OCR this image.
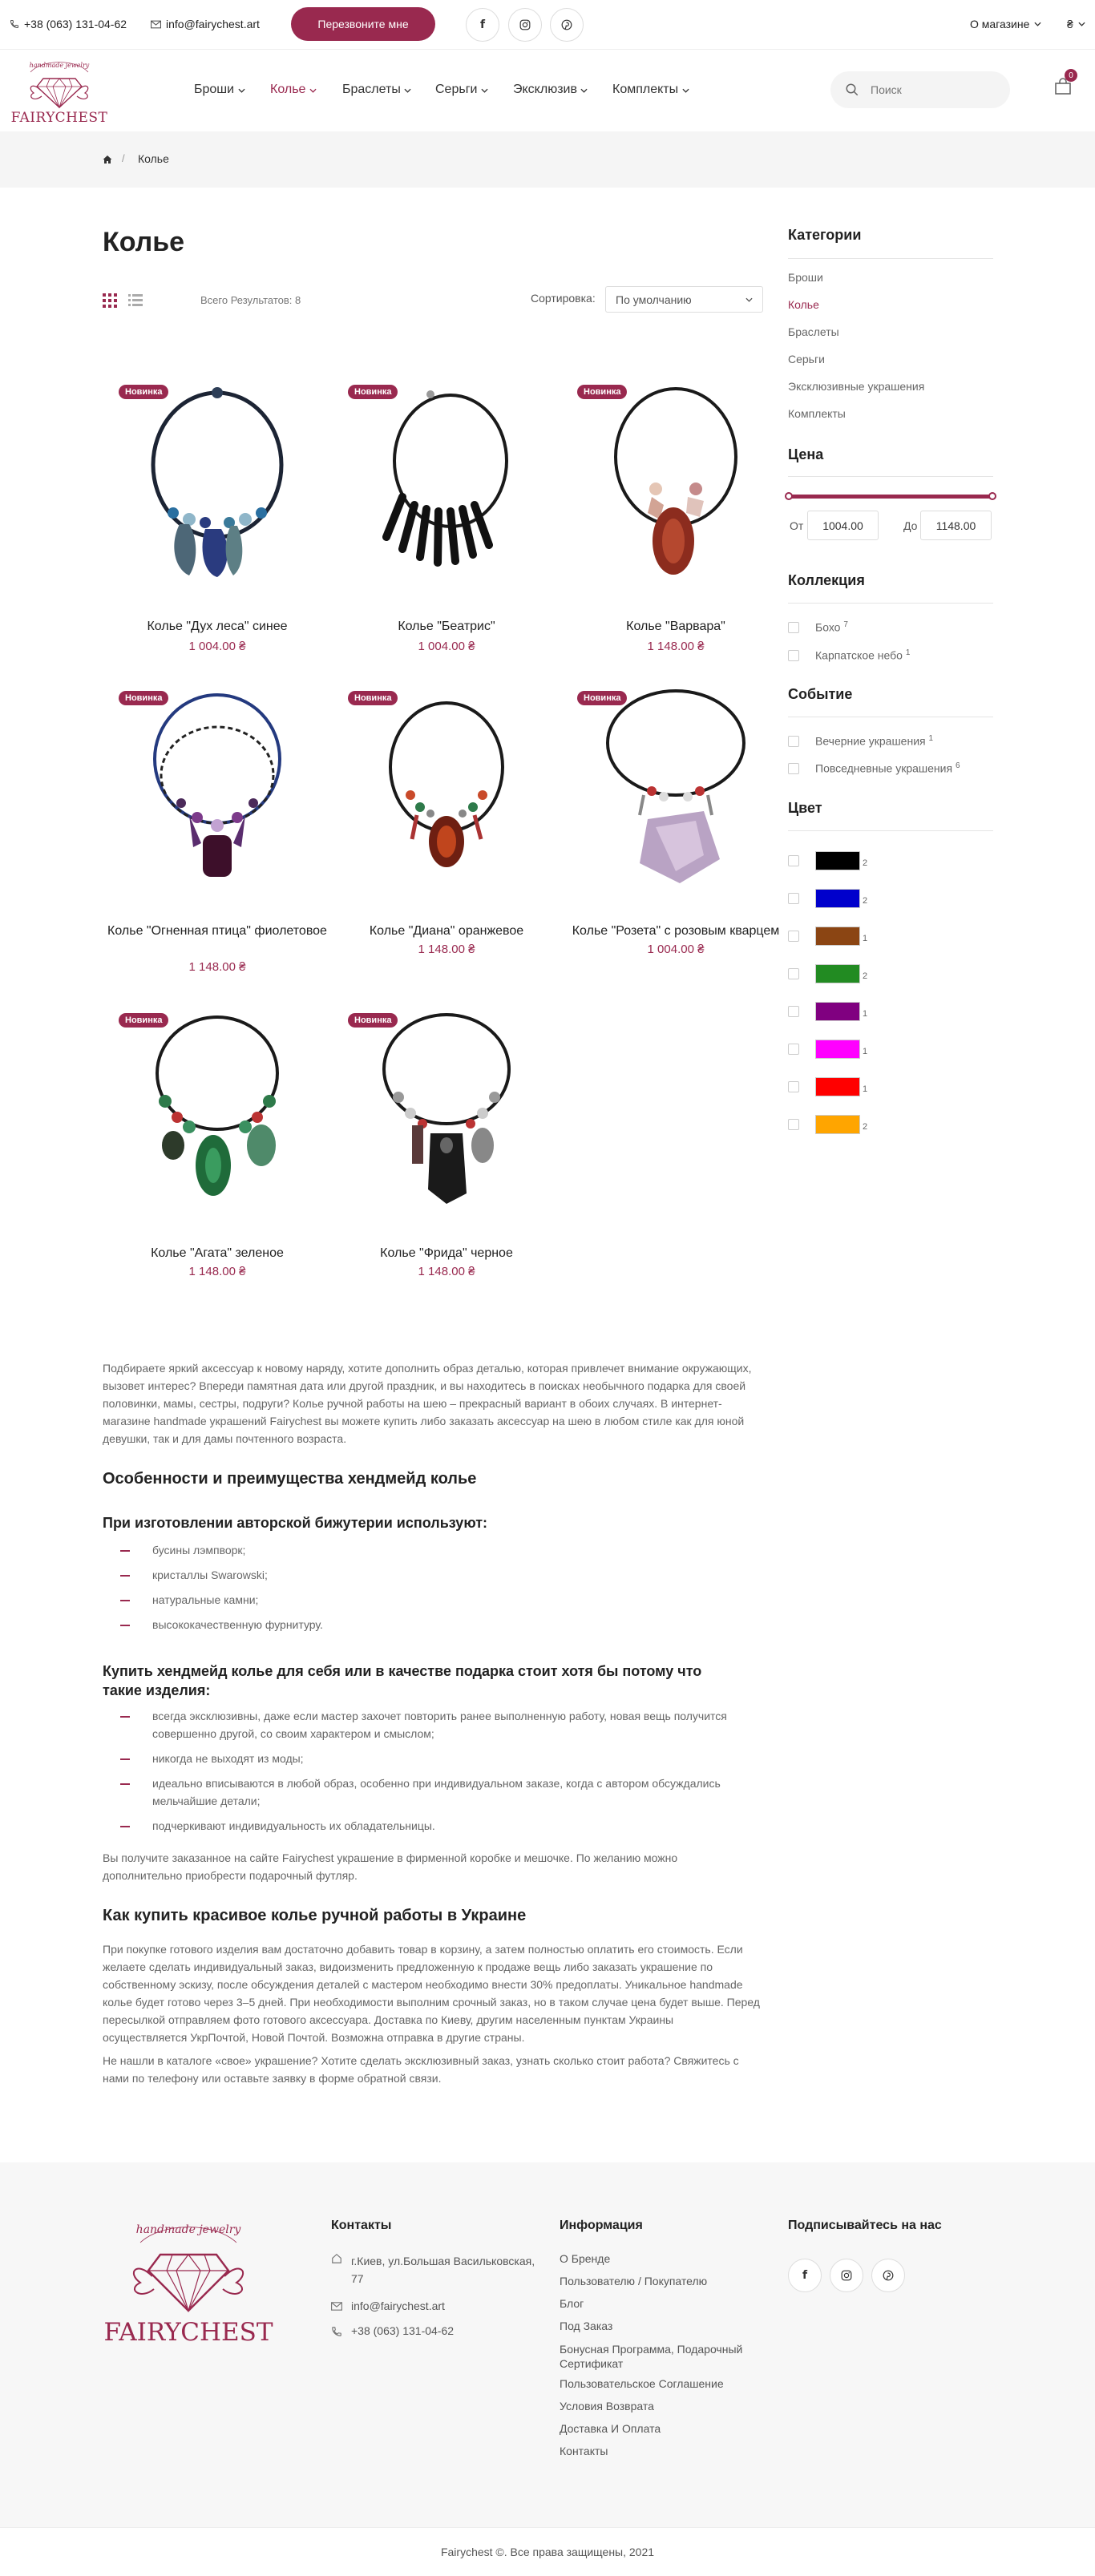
+38 (063) 131-04-62	info@fairychest.art	Перезвоните мне	f	О магазине	₴
handmade jewelry
FAIRYCHEST
Броши	Колье	Браслеты	Серьги	Эксклюзив	Комплекты
Поиск
0
/ Колье
Колье
Всего Результатов: 8	Сортировка: По умолчанию
Новинка
Колье "Дух леса" синее
1 004.00 ₴
Новинка
Колье "Беатрис"
1 004.00 ₴
Новинка
Колье "Варвара"
1 148.00 ₴
Новинка
Колье "Огненная птица" фиолетовое
1 148.00 ₴
Новинка
Колье "Диана" оранжевое
1 148.00 ₴
Новинка
Колье "Розета" с розовым кварцем
1 004.00 ₴
Новинка
Колье "Агата" зеленое
1 148.00 ₴
Новинка
Колье "Фрида" черное
1 148.00 ₴
Категории
Броши
Колье
Браслеты
Серьги
Эксклюзивные украшения
Комплекты
Цена
От	1004.00	До	1148.00
Коллекция
Бохо $^7$
Карпатское небо $^1$
Событие
Вечерние украшения $^1$
Повседневные украшения $^6$
Цвет
2
2
1
2
1
1
1
2
Подбираете яркий аксессуар к новому наряду, хотите дополнить образ деталью, которая привлечет внимание окружающих, вызовет интерес? Впереди памятная дата или другой праздник, и вы находитесь в поисках необычного подарка для своей половинки, мамы, сестры, подруги? Колье ручной работы на шею – прекрасный вариант в обоих случаях. В интернет-магазине handmade украшений Fairychest вы можете купить либо заказать аксессуар на шею в любом стиле как для юной девушки, так и для дамы почтенного возраста.
Особенности и преимущества хендмейд колье
При изготовлении авторской бижутерии используют:
бусины лэмпворк;
кристаллы Swarowski;
натуральные камни;
высококачественную фурнитуру.
Купить хендмейд колье для себя или в качестве подарка стоит хотя бы потому что такие изделия:
всегда эксклюзивны, даже если мастер захочет повторить ранее выполненную работу, новая вещь получится совершенно другой, со своим характером и смыслом;
никогда не выходят из моды;
идеально вписываются в любой образ, особенно при индивидуальном заказе, когда с автором обсуждались мельчайшие детали;
подчеркивают индивидуальность их обладательницы.
Вы получите заказанное на сайте Fairychest украшение в фирменной коробке и мешочке. По желанию можно дополнительно приобрести подарочный футляр.
Как купить красивое колье ручной работы в Украине
При покупке готового изделия вам достаточно добавить товар в корзину, а затем полностью оплатить его стоимость. Если желаете сделать индивидуальный заказ, видоизменить предложенную к продаже вещь либо заказать украшение по собственному эскизу, после обсуждения деталей с мастером необходимо внести 30% предоплаты. Уникальное handmade колье будет готово через 3–5 дней. При необходимости выполним срочный заказ, но в таком случае цена будет выше. Перед пересылкой отправляем фото готового аксессуара. Доставка по Киеву, другим населенным пунктам Украины осуществляется УкрПочтой, Новой Почтой. Возможна отправка в другие страны.
Не нашли в каталоге «свое» украшение? Хотите сделать эксклюзивный заказ, узнать сколько стоит работа? Свяжитесь с нами по телефону или оставьте заявку в форме обратной связи.
handmade jewelry
FAIRYCHEST
Контакты
г.Киев, ул.Большая Васильковская, 77
info@fairychest.art
+38 (063) 131-04-62
Информация
О Бренде
Пользователю / Покупателю
Блог
Под Заказ
Бонусная Программа, Подарочный Сертификат
Пользовательское Соглашение
Условия Возврата
Доставка И Оплата
Контакты
Подписывайтесь на нас
f
Fairychest ©. Все права защищены, 2021
